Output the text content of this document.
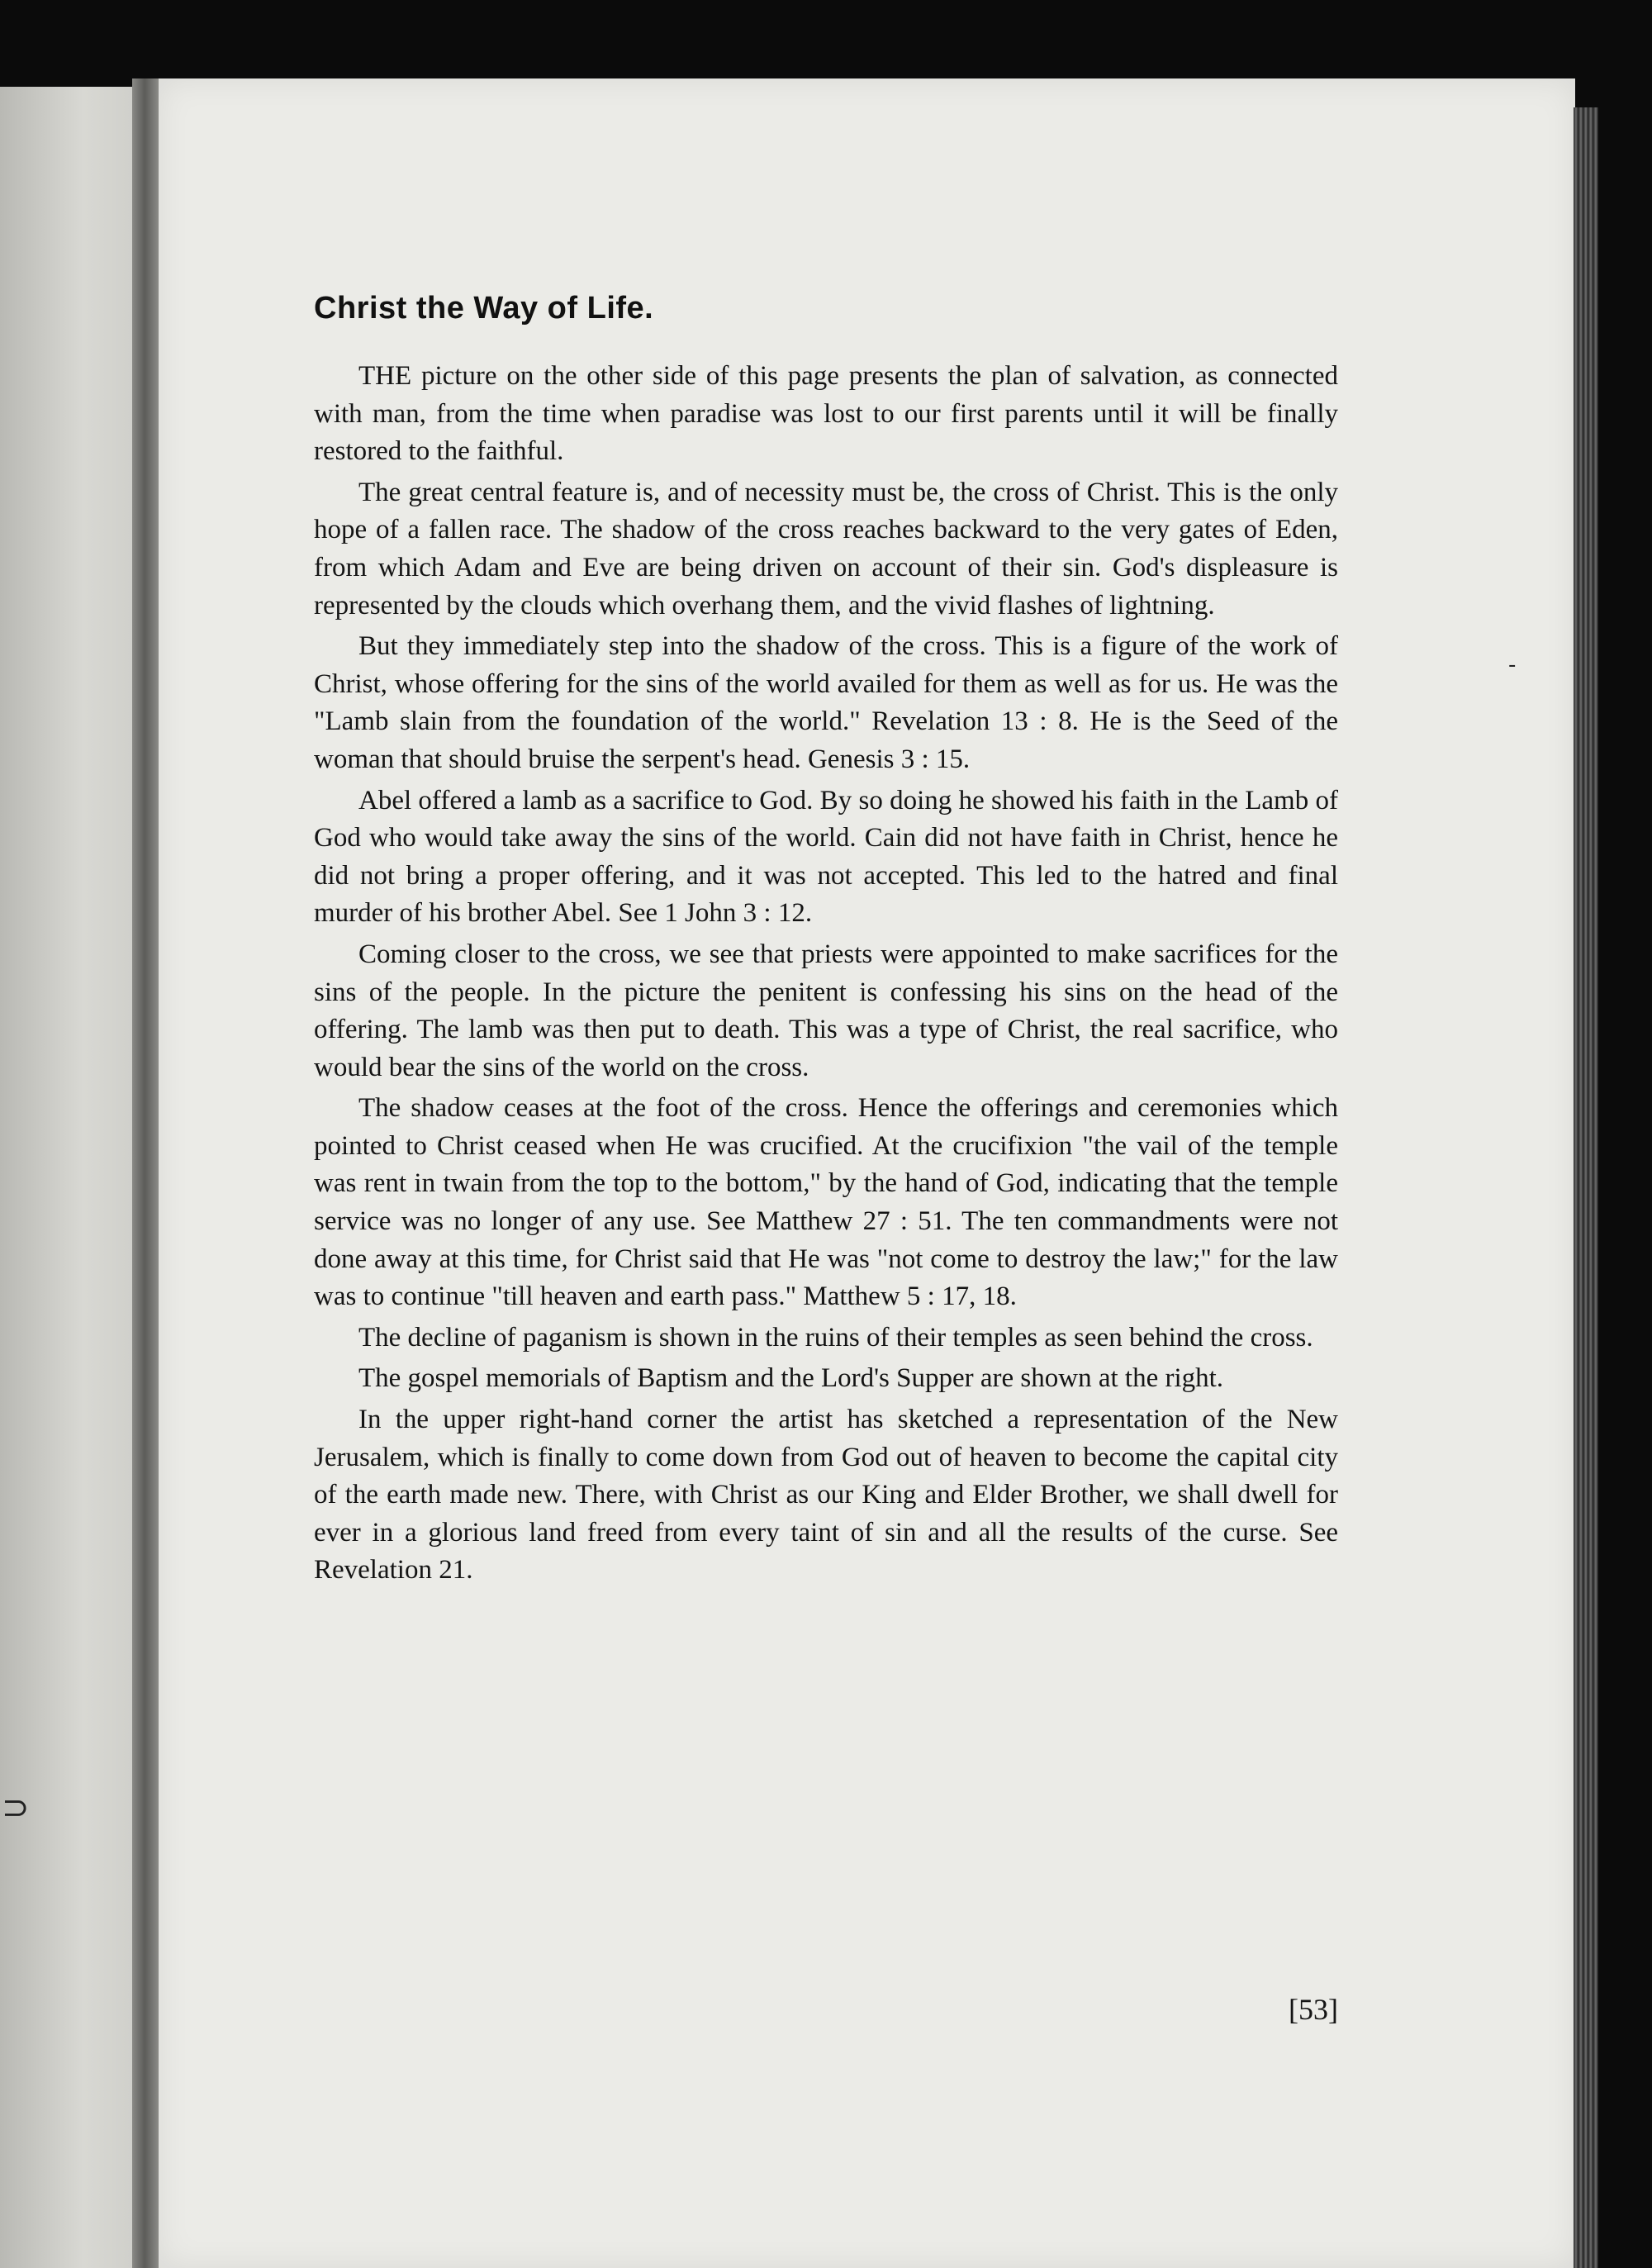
-
⊃
Christ the Way of Life.

THE picture on the other side of this page presents the plan of salvation, as connected with man, from the time when paradise was lost to our first parents until it will be finally restored to the faithful.

The great central feature is, and of necessity must be, the cross of Christ. This is the only hope of a fallen race. The shadow of the cross reaches backward to the very gates of Eden, from which Adam and Eve are being driven on account of their sin. God's displeasure is represented by the clouds which overhang them, and the vivid flashes of lightning.

But they immediately step into the shadow of the cross. This is a figure of the work of Christ, whose offering for the sins of the world availed for them as well as for us. He was the "Lamb slain from the foundation of the world." Revelation 13 : 8. He is the Seed of the woman that should bruise the serpent's head. Genesis 3 : 15.

Abel offered a lamb as a sacrifice to God. By so doing he showed his faith in the Lamb of God who would take away the sins of the world. Cain did not have faith in Christ, hence he did not bring a proper offering, and it was not accepted. This led to the hatred and final murder of his brother Abel. See 1 John 3 : 12.

Coming closer to the cross, we see that priests were appointed to make sacrifices for the sins of the people. In the picture the penitent is confessing his sins on the head of the offering. The lamb was then put to death. This was a type of Christ, the real sacrifice, who would bear the sins of the world on the cross.

The shadow ceases at the foot of the cross. Hence the offerings and ceremonies which pointed to Christ ceased when He was crucified. At the crucifixion "the vail of the temple was rent in twain from the top to the bottom," by the hand of God, indicating that the temple service was no longer of any use. See Matthew 27 : 51. The ten commandments were not done away at this time, for Christ said that He was "not come to destroy the law;" for the law was to continue "till heaven and earth pass." Matthew 5 : 17, 18.

The decline of paganism is shown in the ruins of their temples as seen behind the cross.

The gospel memorials of Baptism and the Lord's Supper are shown at the right.

In the upper right-hand corner the artist has sketched a representation of the New Jerusalem, which is finally to come down from God out of heaven to become the capital city of the earth made new. There, with Christ as our King and Elder Brother, we shall dwell for ever in a glorious land freed from every taint of sin and all the results of the curse. See Revelation 21.

[53]
